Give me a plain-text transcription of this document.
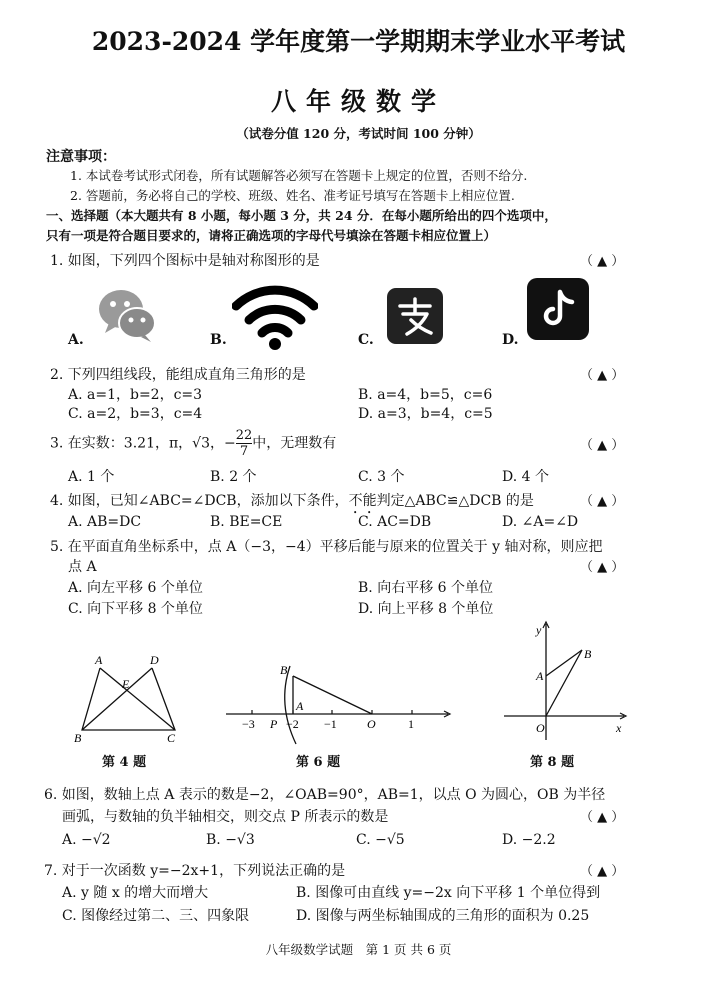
2023-2024 学年度第一学期期末学业水平考试
八年级数学
（试卷分值 120 分，考试时间 100 分钟）
注意事项：
1. 本试卷考试形式闭卷，所有试题解答必须写在答题卡上规定的位置，否则不给分.
2. 答题前，务必将自己的学校、班级、姓名、准考证号填写在答题卡上相应位置.
一、选择题（本大题共有 8 小题，每小题 3 分，共 24 分．在每小题所给出的四个选项中，
只有一项是符合题目要求的，请将正确选项的字母代号填涂在答题卡相应位置上）
1. 如图，下列四个图标中是轴对称图形的是	（ ▲ ）
A.	B.	C.	D.
2. 下列四组线段，能组成直角三角形的是	（ ▲ ）
A. a=1，b=2，c=3	B. a=4，b=5，c=6
C. a=2，b=3，c=4	D. a=3，b=4，c=5
3. 在实数：3.21，π，√3，− $\frac{22}{7}$ 中，无理数有	（ ▲ ）
A. 1 个	B. 2 个	C. 3 个	D. 4 个
4. 如图，已知∠ABC=∠DCB，添加以下条件，不能判定△ABC≌△DCB 的是	（ ▲ ）
A. AB=DC	B. BE=CE	C. AC=DB	D. ∠A=∠D
5. 在平面直角坐标系中，点 A（−3，−4）平移后能与原来的位置关于 y 轴对称，则应把
点 A	（ ▲ ）
A. 向左平移 6 个单位	B. 向右平移 6 个单位
C. 向下平移 8 个单位	D. 向上平移 8 个单位
A	D
E
B	C
第 4 题
B
P
A
O
−3	−2 −1	1
第 6 题
y
B
A
O	x
第 8 题
6. 如图，数轴上点 A 表示的数是−2，∠OAB=90°，AB=1，以点 O 为圆心，OB 为半径
画弧，与数轴的负半轴相交，则交点 P 所表示的数是	（ ▲ ）
A. −√2	B. −√3	C. −√5	D. −2.2
7. 对于一次函数 y=−2x+1，下列说法正确的是	（ ▲ ）
A. y 随 x 的增大而增大	B. 图像可由直线 y=−2x 向下平移 1 个单位得到
C. 图像经过第二、三、四象限	D. 图像与两坐标轴围成的三角形的面积为 0.25
八年级数学试题　第 1 页 共 6 页
